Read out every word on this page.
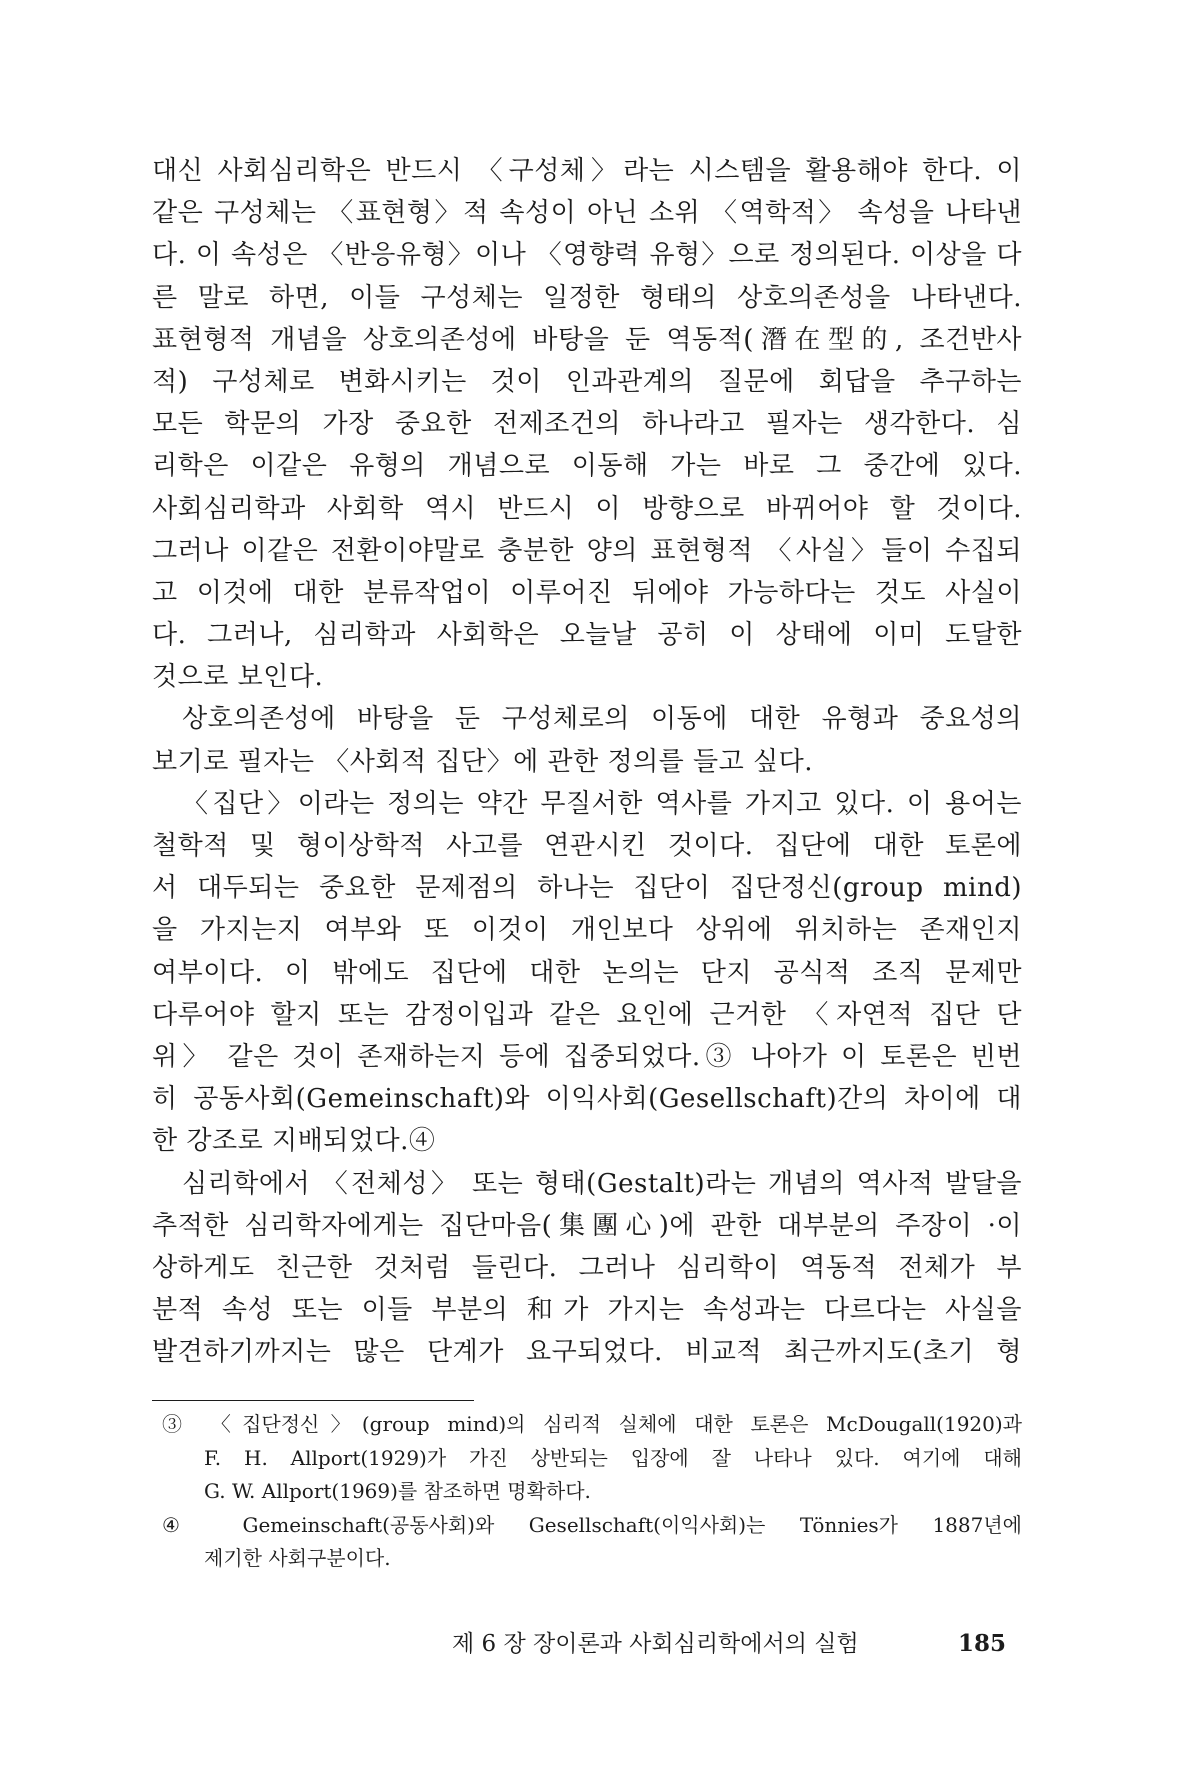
대신 사회심리학은 반드시 〈구성체〉라는 시스템을 활용해야 한다. 이
같은 구성체는 〈표현형〉적 속성이 아닌 소위 〈역학적〉 속성을 나타낸
다. 이 속성은 〈반응유형〉이나 〈영향력 유형〉으로 정의된다. 이상을 다
른 말로 하면, 이들 구성체는 일정한 형태의 상호의존성을 나타낸다.
표현형적 개념을 상호의존성에 바탕을 둔 역동적(潛在型的, 조건반사
적) 구성체로 변화시키는 것이 인과관계의 질문에 회답을 추구하는
모든 학문의 가장 중요한 전제조건의 하나라고 필자는 생각한다. 심
리학은 이같은 유형의 개념으로 이동해 가는 바로 그 중간에 있다.
사회심리학과 사회학 역시 반드시 이 방향으로 바뀌어야 할 것이다.
그러나 이같은 전환이야말로 충분한 양의 표현형적 〈사실〉들이 수집되
고 이것에 대한 분류작업이 이루어진 뒤에야 가능하다는 것도 사실이
다. 그러나, 심리학과 사회학은 오늘날 공히 이 상태에 이미 도달한
것으로 보인다.
상호의존성에 바탕을 둔 구성체로의 이동에 대한 유형과 중요성의
보기로 필자는 〈사회적 집단〉에 관한 정의를 들고 싶다.
〈집단〉이라는 정의는 약간 무질서한 역사를 가지고 있다. 이 용어는
철학적 및 형이상학적 사고를 연관시킨 것이다. 집단에 대한 토론에
서 대두되는 중요한 문제점의 하나는 집단이 집단정신(group mind)
을 가지는지 여부와 또 이것이 개인보다 상위에 위치하는 존재인지
여부이다. 이 밖에도 집단에 대한 논의는 단지 공식적 조직 문제만
다루어야 할지 또는 감정이입과 같은 요인에 근거한 〈자연적 집단 단
위〉 같은 것이 존재하는지 등에 집중되었다.③ 나아가 이 토론은 빈번
히 공동사회(Gemeinschaft)와 이익사회(Gesellschaft)간의 차이에 대
한 강조로 지배되었다.④
심리학에서 〈전체성〉 또는 형태(Gestalt)라는 개념의 역사적 발달을
추적한 심리학자에게는 집단마음(集團心)에 관한 대부분의 주장이 ·이
상하게도 친근한 것처럼 들린다. 그러나 심리학이 역동적 전체가 부
분적 속성 또는 이들 부분의 和가 가지는 속성과는 다르다는 사실을
발견하기까지는 많은 단계가 요구되었다. 비교적 최근까지도(초기 형
③ 〈집단정신〉(group mind)의 심리적 실체에 대한 토론은 McDougall(1920)과
F. H. Allport(1929)가 가진 상반되는 입장에 잘 나타나 있다. 여기에 대해
G. W. Allport(1969)를 참조하면 명확하다.
④ Gemeinschaft(공동사회)와 Gesellschaft(이익사회)는 Tönnies가 1887년에
제기한 사회구분이다.
제 6 장 장이론과 사회심리학에서의 실험	185
